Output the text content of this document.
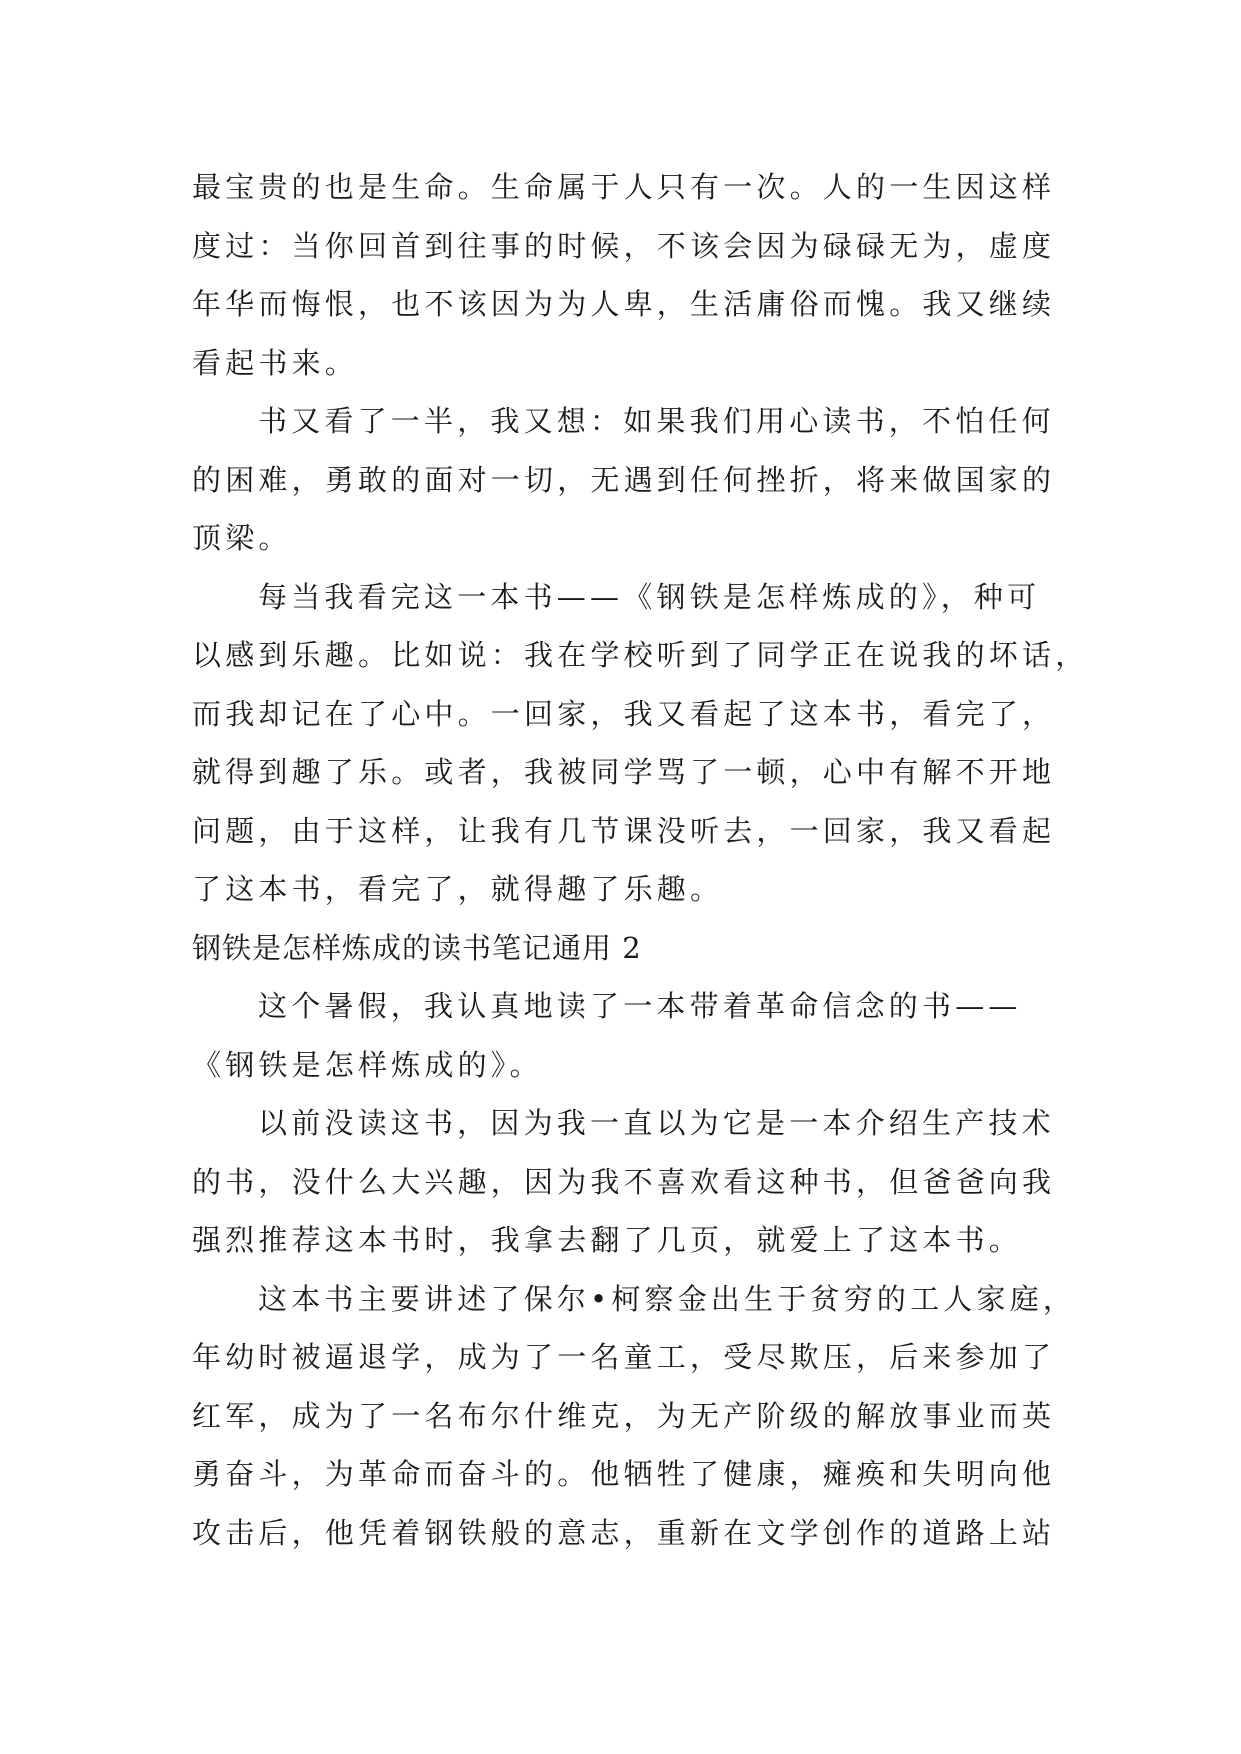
最宝贵的也是生命。生命属于人只有一次。人的一生因这样
度过：当你回首到往事的时候，不该会因为碌碌无为，虚度
年华而悔恨，也不该因为为人卑，生活庸俗而愧。我又继续
看起书来。
书又看了一半，我又想：如果我们用心读书，不怕任何
的困难，勇敢的面对一切，无遇到任何挫折，将来做国家的
顶梁。
每当我看完这一本书——《钢铁是怎样炼成的》，种可
以感到乐趣。比如说：我在学校听到了同学正在说我的坏话，
而我却记在了心中。一回家，我又看起了这本书，看完了，
就得到趣了乐。或者，我被同学骂了一顿，心中有解不开地
问题，由于这样，让我有几节课没听去，一回家，我又看起
了这本书，看完了，就得趣了乐趣。
钢铁是怎样炼成的读书笔记通用 2
这个暑假，我认真地读了一本带着革命信念的书——
《钢铁是怎样炼成的》。
以前没读这书，因为我一直以为它是一本介绍生产技术
的书，没什么大兴趣，因为我不喜欢看这种书，但爸爸向我
强烈推荐这本书时，我拿去翻了几页，就爱上了这本书。
这本书主要讲述了保尔•柯察金出生于贫穷的工人家庭，
年幼时被逼退学，成为了一名童工，受尽欺压，后来参加了
红军，成为了一名布尔什维克，为无产阶级的解放事业而英
勇奋斗，为革命而奋斗的。他牺牲了健康，瘫痪和失明向他
攻击后，他凭着钢铁般的意志，重新在文学创作的道路上站
